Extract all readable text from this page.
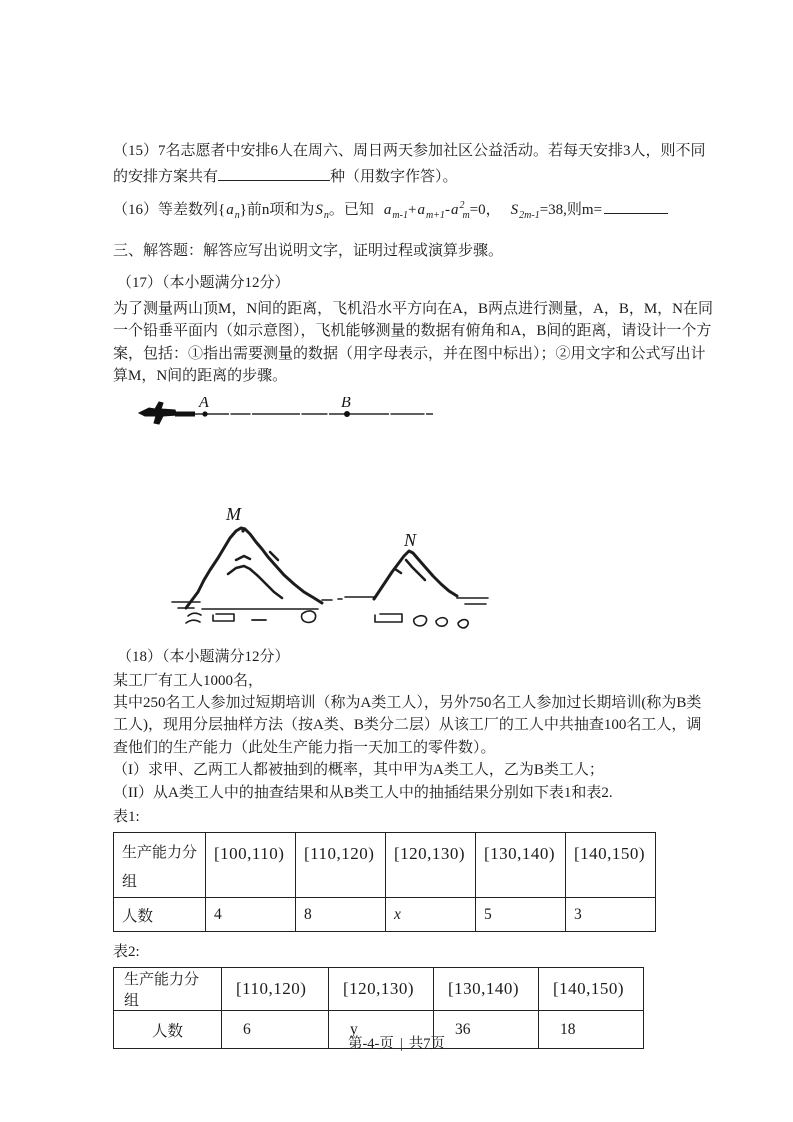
（15）7名志愿者中安排6人在周六、周日两天参加社区公益活动。若每天安排3人，则不同
的安排方案共有	种（用数字作答）。
（16）等差数列$\{a_n\}$前n项和为$S_n$。已知 $a_{m-1}+a_{m+1}-a^2_m=0$， $S_{2m-1}=38$,则m=
三、解答题：解答应写出说明文字，证明过程或演算步骤。
（17）（本小题满分12分）
为了测量两山顶M，N间的距离，飞机沿水平方向在A，B两点进行测量，A，B，M，N在同
一个铅垂平面内（如示意图），飞机能够测量的数据有俯角和A，B间的距离，请设计一个方
案，包括：①指出需要测量的数据（用字母表示，并在图中标出）；②用文字和公式写出计
算M，N间的距离的步骤。
A	B
M
N
（18）（本小题满分12分）
某工厂有工人1000名，
其中250名工人参加过短期培训（称为A类工人），另外750名工人参加过长期培训(称为B类
工人)，现用分层抽样方法（按A类、B类分二层）从该工厂的工人中共抽查100名工人，调
查他们的生产能力（此处生产能力指一天加工的零件数）。
（I）求甲、乙两工人都被抽到的概率，其中甲为A类工人，乙为B类工人；
（II）从A类工人中的抽查结果和从B类工人中的抽插结果分别如下表1和表2.
表1:
生产能力分组	[100,110)	[110,120)	[120,130)	[130,140)	[140,150)
人数	4	8	x	5	3
表2:
生产能力分组	[110,120)	[120,130)	[130,140)	[140,150)
人数	6	y	36	18
第-4-页 | 共7页
